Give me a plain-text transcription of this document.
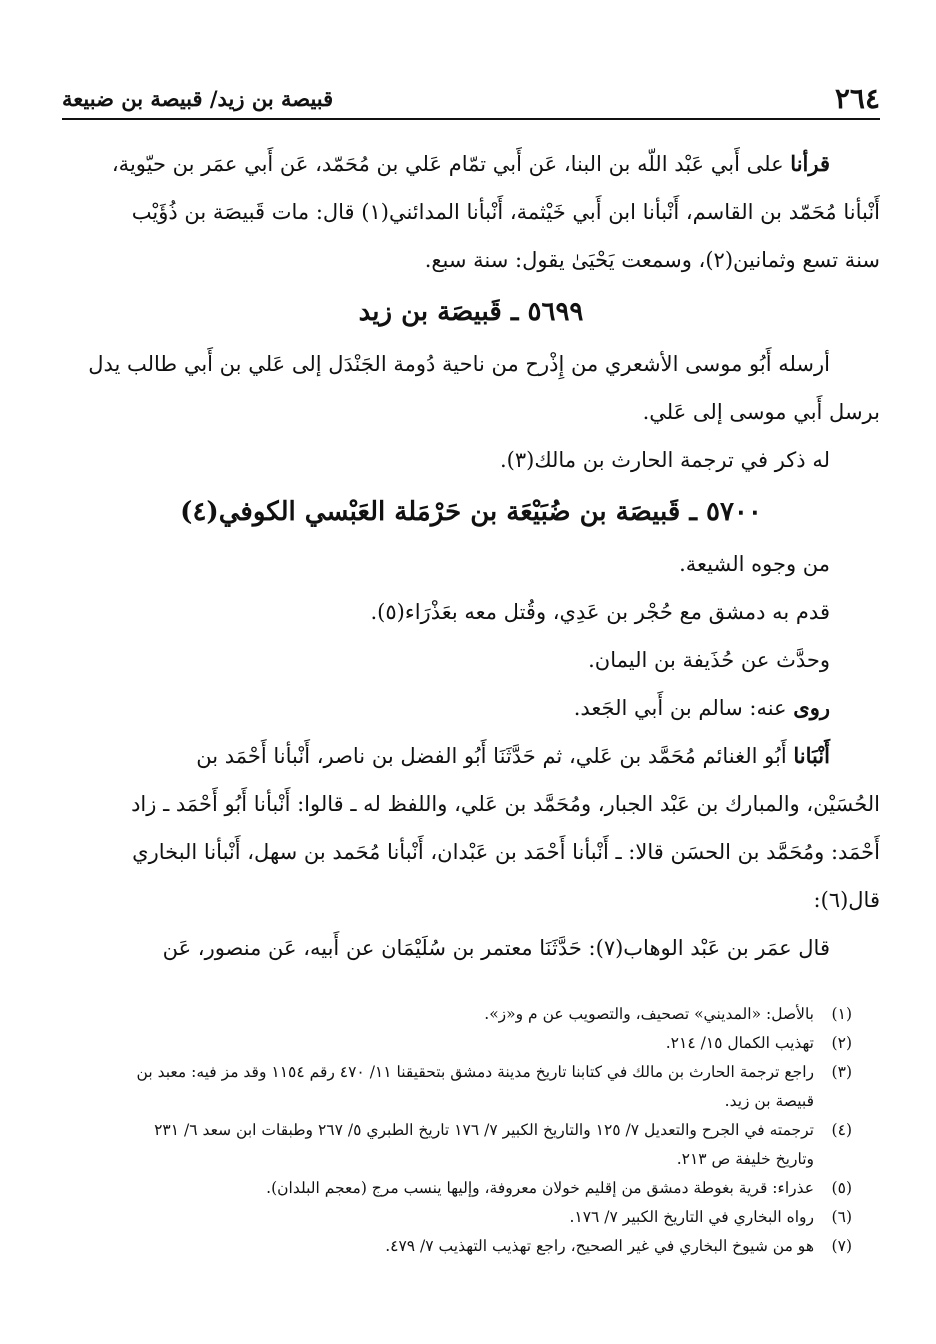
٢٦٤
قبيصة بن زيد/ قبيصة بن ضبيعة
قرأنا على أَبي عَبْد اللّه بن البنا، عَن أَبي تمّام عَلي بن مُحَمّد، عَن أَبي عمَر بن حيّوية،
أَنْبأنا مُحَمّد بن القاسم، أَنْبأنا ابن أَبي خَيْثمة، أَنْبأنا المدائني(١) قال: مات قَبيصَة بن ذُؤَيْب
سنة تسع وثمانين(٢)، وسمعت يَحْيَىٰ يقول: سنة سبع.
٥٦٩٩ ـ قَبيصَة بن زيد
أرسله أَبُو موسى الأشعري من إِذْرح من ناحية دُومة الجَنْدَل إلى عَلي بن أَبي طالب يدل
برسل أَبي موسى إلى عَلي.
له ذكر في ترجمة الحارث بن مالك(٣).
٥٧٠٠ ـ قَبيصَة بن ضُبَيْعَة بن حَرْمَلة العَبْسي الكوفي(٤)
من وجوه الشيعة.
قدم به دمشق مع حُجْر بن عَدِي، وقُتل معه بعَذْرَاء(٥).
وحدَّث عن حُذَيفة بن اليمان.
روى عنه: سالم بن أَبي الجَعد.
أَنْبَانا أَبُو الغنائم مُحَمَّد بن عَلي، ثم حَدَّثَنَا أَبُو الفضل بن ناصر، أَنْبأنا أَحْمَد بن
الحُسَيْن، والمبارك بن عَبْد الجبار، ومُحَمَّد بن عَلي، واللفظ له ـ قالوا: أَنْبأنا أَبُو أَحْمَد ـ زاد
أَحْمَد: ومُحَمَّد بن الحسَن قالا: ـ أَنْبأنا أَحْمَد بن عَبْدان، أَنْبأنا مُحَمد بن سهل، أَنْبأنا البخاري
قال(٦):
قال عمَر بن عَبْد الوهاب(٧): حَدَّثَنَا معتمر بن سُلَيْمَان عن أَبيه، عَن منصور، عَن
(١)
بالأصل: «المديني» تصحيف، والتصويب عن م و«ز».
(٢)
تهذيب الكمال ١٥/ ٢١٤.
(٣)
راجع ترجمة الحارث بن مالك في كتابنا تاريخ مدينة دمشق بتحقيقنا ١١/ ٤٧٠ رقم ١١٥٤ وقد مز فيه: معبد بن
قبيصة بن زيد.
(٤)
ترجمته في الجرح والتعديل ٧/ ١٢٥ والتاريخ الكبير ٧/ ١٧٦ تاريخ الطبري ٥/ ٢٦٧ وطبقات ابن سعد ٦/ ٢٣١
وتاريخ خليفة ص ٢١٣.
(٥)
عذراء: قرية بغوطة دمشق من إقليم خولان معروفة، وإليها ينسب مرج (معجم البلدان).
(٦)
رواه البخاري في التاريخ الكبير ٧/ ١٧٦.
(٧)
هو من شيوخ البخاري في غير الصحيح، راجع تهذيب التهذيب ٧/ ٤٧٩.
